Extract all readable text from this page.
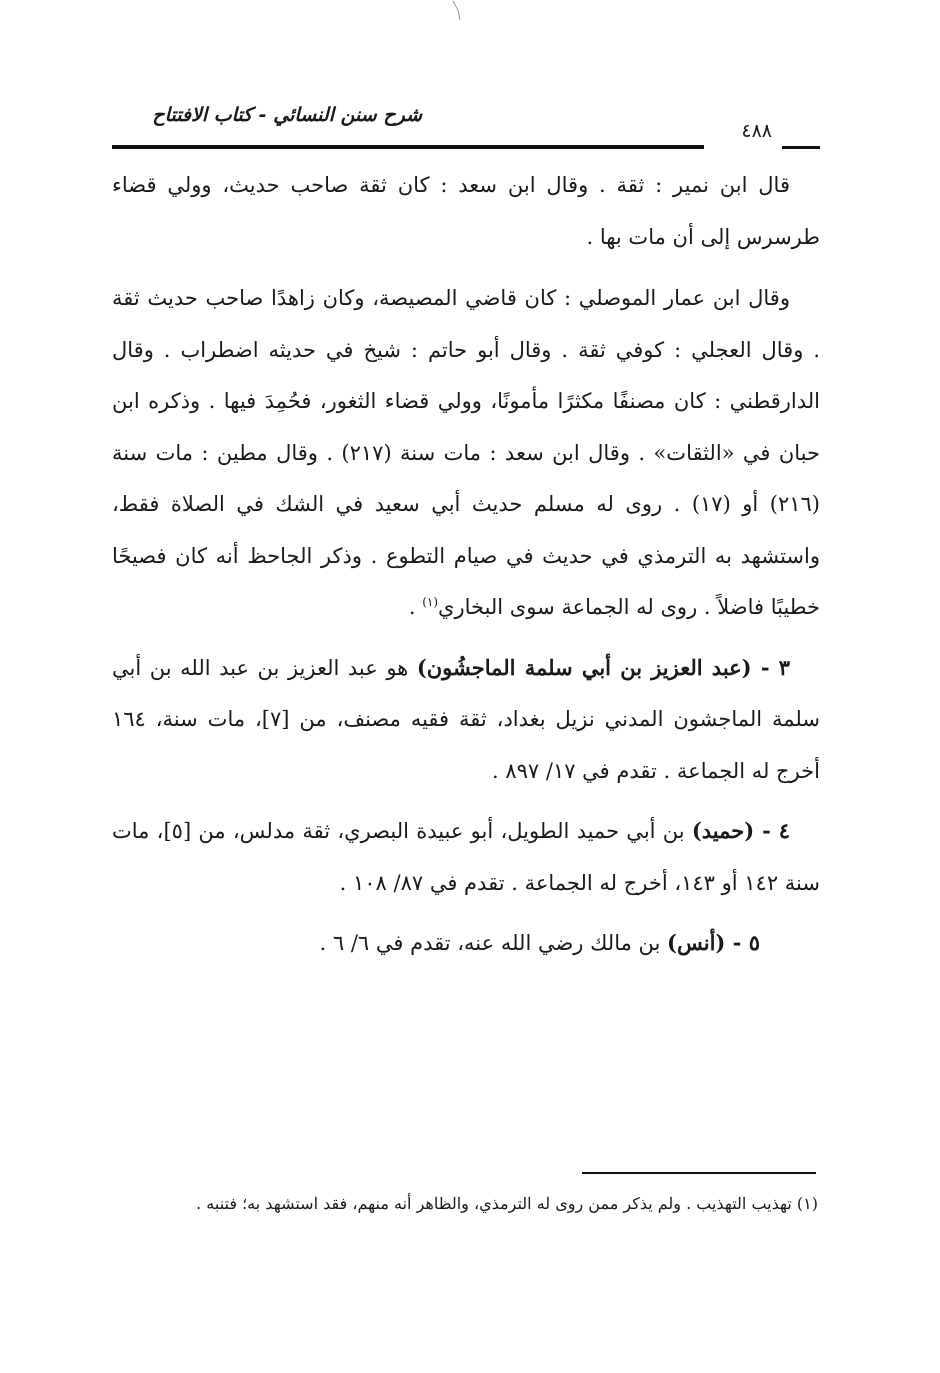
شرح سنن النسائي - كتاب الافتتاح
٤٨٨

قال ابن نمير : ثقة . وقال ابن سعد : كان ثقة صاحب حديث، وولي قضاء طرسرس إلى أن مات بها .

وقال ابن عمار الموصلي : كان قاضي المصيصة، وكان زاهدًا صاحب حديث ثقة . وقال العجلي : كوفي ثقة . وقال أبو حاتم : شيخ في حديثه اضطراب . وقال الدارقطني : كان مصنفًا مكثرًا مأمونًا، وولي قضاء الثغور، فحُمِدَ فيها . وذكره ابن حبان في «الثقات» . وقال ابن سعد : مات سنة (٢١٧) . وقال مطين : مات سنة (٢١٦) أو (١٧) . روى له مسلم حديث أبي سعيد في الشك في الصلاة فقط، واستشهد به الترمذي في حديث في صيام التطوع . وذكر الجاحظ أنه كان فصيحًا خطيبًا فاضلاً . روى له الجماعة سوى البخاري$^{(١)}$ .

٣ - (عبد العزيز بن أبي سلمة الماجشُون) هو عبد العزيز بن عبد الله بن أبي سلمة الماجشون المدني نزيل بغداد، ثقة فقيه مصنف، من [٧]، مات سنة، ١٦٤ أخرج له الجماعة . تقدم في ١٧/ ٨٩٧ .

٤ - (حميد) بن أبي حميد الطويل، أبو عبيدة البصري، ثقة مدلس، من [٥]، مات سنة ١٤٢ أو ١٤٣، أخرج له الجماعة . تقدم في ٨٧/ ١٠٨ .

٥ - (أنس) بن مالك رضي الله عنه، تقدم في ٦/ ٦ .

(١) تهذيب التهذيب . ولم يذكر ممن روى له الترمذي، والظاهر أنه منهم، فقد استشهد به؛ فتنبه .
